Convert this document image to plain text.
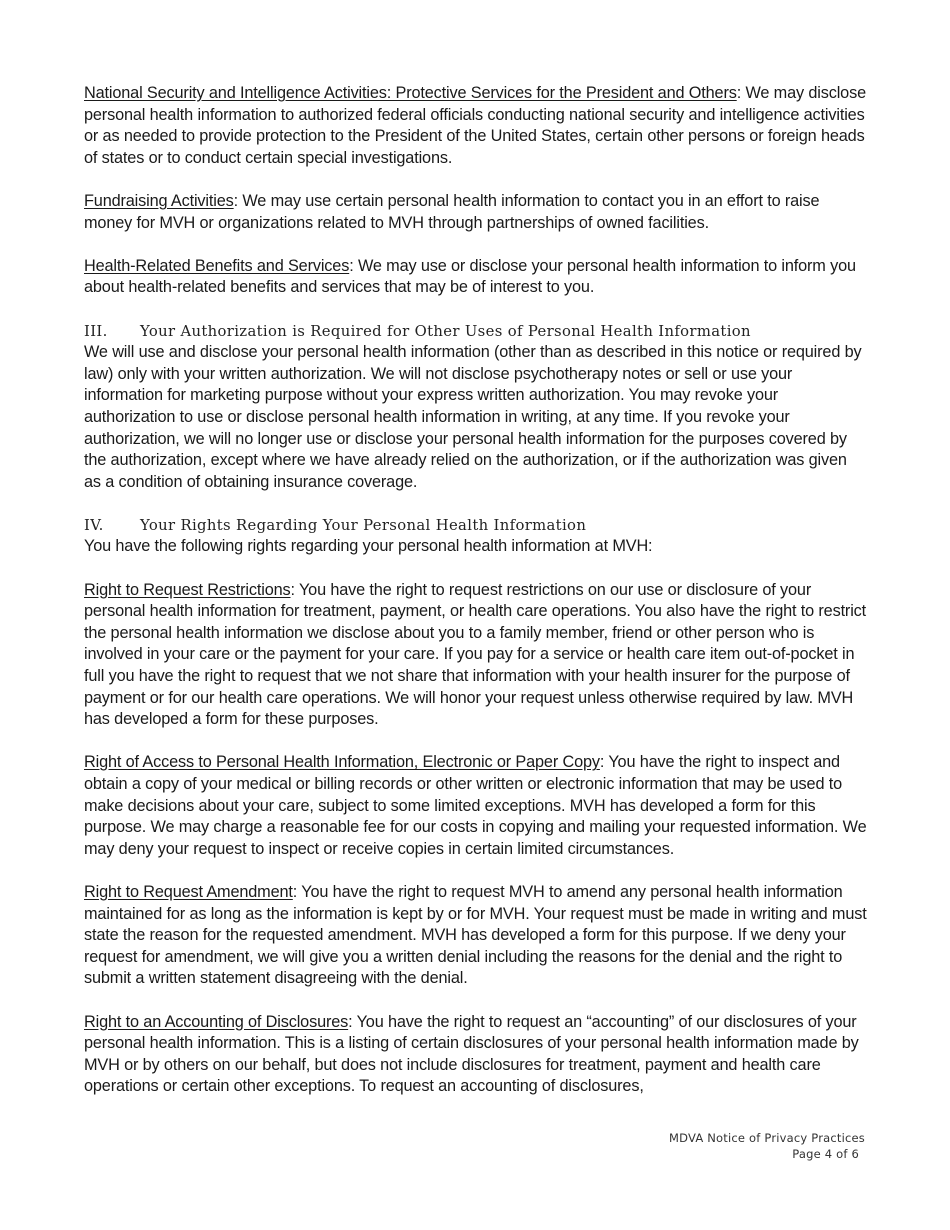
National Security and Intelligence Activities: Protective Services for the President and Others: We may disclose personal health information to authorized federal officials conducting national security and intelligence activities or as needed to provide protection to the President of the United States, certain other persons or foreign heads of states or to conduct certain special investigations.

Fundraising Activities: We may use certain personal health information to contact you in an effort to raise money for MVH or organizations related to MVH through partnerships of owned facilities.

Health-Related Benefits and Services: We may use or disclose your personal health information to inform you about health-related benefits and services that may be of interest to you.

III. Your Authorization is Required for Other Uses of Personal Health Information
We will use and disclose your personal health information (other than as described in this notice or required by law) only with your written authorization. We will not disclose psychotherapy notes or sell or use your information for marketing purpose without your express written authorization. You may revoke your authorization to use or disclose personal health information in writing, at any time. If you revoke your authorization, we will no longer use or disclose your personal health information for the purposes covered by the authorization, except where we have already relied on the authorization, or if the authorization was given as a condition of obtaining insurance coverage.
IV. Your Rights Regarding Your Personal Health Information
You have the following rights regarding your personal health information at MVH:

Right to Request Restrictions: You have the right to request restrictions on our use or disclosure of your personal health information for treatment, payment, or health care operations. You also have the right to restrict the personal health information we disclose about you to a family member, friend or other person who is involved in your care or the payment for your care. If you pay for a service or health care item out-of-pocket in full you have the right to request that we not share that information with your health insurer for the purpose of payment or for our health care operations. We will honor your request unless otherwise required by law. MVH has developed a form for these purposes.

Right of Access to Personal Health Information, Electronic or Paper Copy: You have the right to inspect and obtain a copy of your medical or billing records or other written or electronic information that may be used to make decisions about your care, subject to some limited exceptions. MVH has developed a form for this purpose. We may charge a reasonable fee for our costs in copying and mailing your requested information. We may deny your request to inspect or receive copies in certain limited circumstances.

Right to Request Amendment: You have the right to request MVH to amend any personal health information maintained for as long as the information is kept by or for MVH. Your request must be made in writing and must state the reason for the requested amendment. MVH has developed a form for this purpose. If we deny your request for amendment, we will give you a written denial including the reasons for the denial and the right to submit a written statement disagreeing with the denial.

Right to an Accounting of Disclosures: You have the right to request an “accounting” of our disclosures of your personal health information. This is a listing of certain disclosures of your personal health information made by MVH or by others on our behalf, but does not include disclosures for treatment, payment and health care operations or certain other exceptions. To request an accounting of disclosures,

MDVA Notice of Privacy Practices
Page 4 of 6
